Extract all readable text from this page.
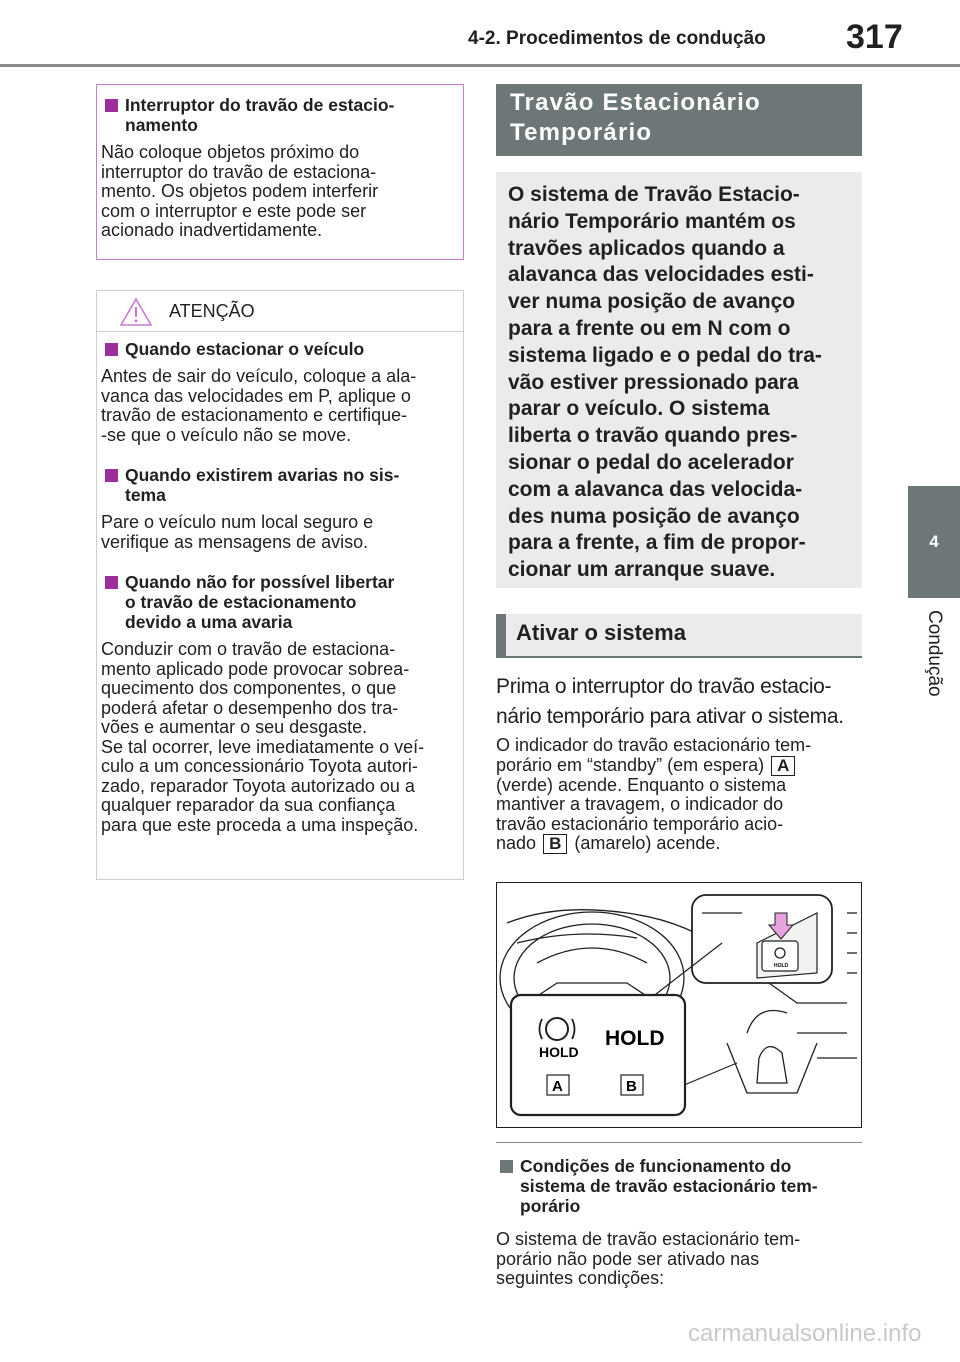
4-2. Procedimentos de condução 317
4
Condução
Interruptor do travão de estacio-
namento
Não coloque objetos próximo do
interruptor do travão de estaciona-
mento. Os objetos podem interferir
com o interruptor e este pode ser
acionado inadvertidamente.
ATENÇÃO
Quando estacionar o veículo
Antes de sair do veículo, coloque a ala-
vanca das velocidades em P, aplique o
travão de estacionamento e certifique-
-se que o veículo não se move.
Quando existirem avarias no sis-
tema
Pare o veículo num local seguro e
verifique as mensagens de aviso.
Quando não for possível libertar
o travão de estacionamento
devido a uma avaria
Conduzir com o travão de estaciona-
mento aplicado pode provocar sobrea-
quecimento dos componentes, o que
poderá afetar o desempenho dos tra-
vões e aumentar o seu desgaste.
Se tal ocorrer, leve imediatamente o veí-
culo a um concessionário Toyota autori-
zado, reparador Toyota autorizado ou a
qualquer reparador da sua confiança
para que este proceda a uma inspeção.
Travão Estacionário
Temporário
O sistema de Travão Estacio-
nário Temporário mantém os
travões aplicados quando a
alavanca das velocidades esti-
ver numa posição de avanço
para a frente ou em N com o
sistema ligado e o pedal do tra-
vão estiver pressionado para
parar o veículo. O sistema
liberta o travão quando pres-
sionar o pedal do acelerador
com a alavanca das velocida-
des numa posição de avanço
para a frente, a fim de propor-
cionar um arranque suave.
Ativar o sistema
Prima o interruptor do travão estacio-
nário temporário para ativar o sistema.
O indicador do travão estacionário tem-
porário em “standby” (em espera) A
(verde) acende. Enquanto o sistema
mantiver a travagem, o indicador do
travão estacionário temporário acio-
nado B (amarelo) acende.
HOLD
HOLD
HOLD
A	B
Condições de funcionamento do
sistema de travão estacionário tem-
porário
O sistema de travão estacionário tem-
porário não pode ser ativado nas
seguintes condições:
carmanualsonline.info
